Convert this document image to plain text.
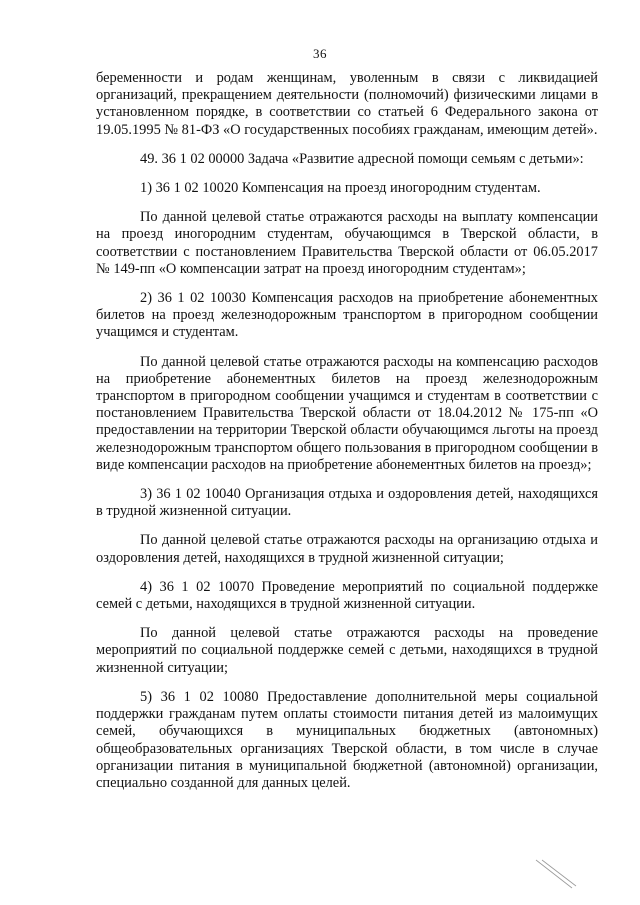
36

беременности и родам женщинам, уволенным в связи с ликвидацией организаций, прекращением деятельности (полномочий) физическими лицами в установленном порядке, в соответствии со статьей 6 Федерального закона от 19.05.1995 № 81-ФЗ «О государственных пособиях гражданам, имеющим детей».

49. 36 1 02 00000 Задача «Развитие адресной помощи семьям с детьми»:

1) 36 1 02 10020 Компенсация на проезд иногородним студентам.

По данной целевой статье отражаются расходы на выплату компенсации на проезд иногородним студентам, обучающимся в Тверской области, в соответствии с постановлением Правительства Тверской области от 06.05.2017 № 149-пп «О компенсации затрат на проезд иногородним студентам»;

2) 36 1 02 10030 Компенсация расходов на приобретение абонементных билетов на проезд железнодорожным транспортом в пригородном сообщении учащимся и студентам.

По данной целевой статье отражаются расходы на компенсацию расходов на приобретение абонементных билетов на проезд железнодорожным транспортом в пригородном сообщении учащимся и студентам в соответствии с постановлением Правительства Тверской области от 18.04.2012 № 175-пп «О предоставлении на территории Тверской области обучающимся льготы на проезд железнодорожным транспортом общего пользования в пригородном сообщении в виде компенсации расходов на приобретение абонементных билетов на проезд»;

3) 36 1 02 10040 Организация отдыха и оздоровления детей, находящихся в трудной жизненной ситуации.

По данной целевой статье отражаются расходы на организацию отдыха и оздоровления детей, находящихся в трудной жизненной ситуации;

4) 36 1 02 10070 Проведение мероприятий по социальной поддержке семей с детьми, находящихся в трудной жизненной ситуации.

По данной целевой статье отражаются расходы на проведение мероприятий по социальной поддержке семей с детьми, находящихся в трудной жизненной ситуации;

5) 36 1 02 10080 Предоставление дополнительной меры социальной поддержки гражданам путем оплаты стоимости питания детей из малоимущих семей, обучающихся в муниципальных бюджетных (автономных) общеобразовательных организациях Тверской области, в том числе в случае организации питания в муниципальной бюджетной (автономной) организации, специально созданной для данных целей.
